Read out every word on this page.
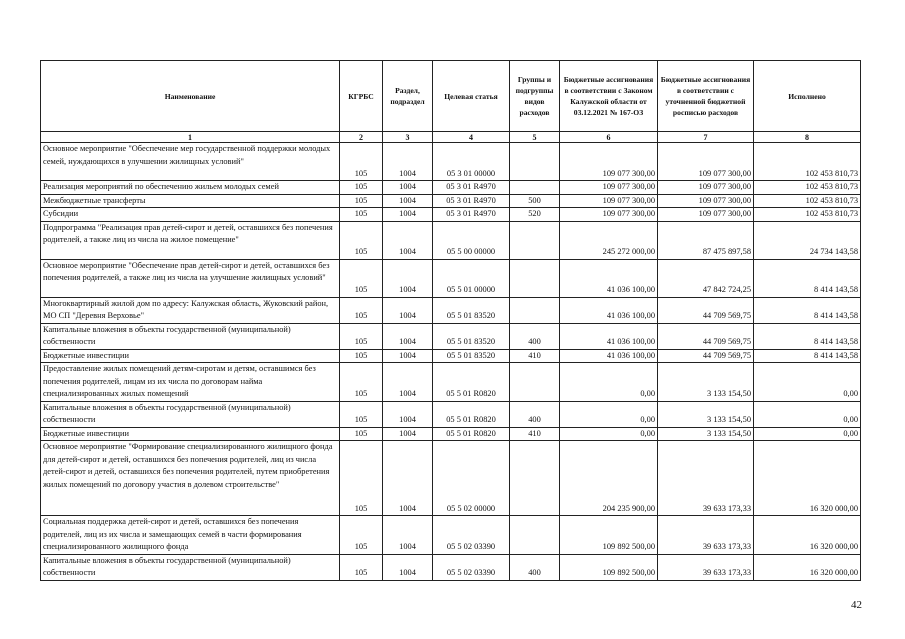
Наименование	КГРБС	Раздел, подраздел	Целевая статья	Группы и подгруппы видов расходов	Бюджетные ассигнования в соответствии с Законом Калужской области от 03.12.2021 № 167-ОЗ	Бюджетные ассигнования в соответствии с уточненной бюджетной росписью расходов	Исполнено
1	2	3	4	5	6	7	8
Основное мероприятие "Обеспечение мер государственной поддержки молодых семей, нуждающихся в улучшении жилищных условий"	105	1004	05 3 01 00000		109 077 300,00	109 077 300,00	102 453 810,73
Реализация мероприятий по обеспечению жильем молодых семей	105	1004	05 3 01 R4970		109 077 300,00	109 077 300,00	102 453 810,73
Межбюджетные трансферты	105	1004	05 3 01 R4970	500	109 077 300,00	109 077 300,00	102 453 810,73
Субсидии	105	1004	05 3 01 R4970	520	109 077 300,00	109 077 300,00	102 453 810,73
Подпрограмма "Реализация прав детей-сирот и детей, оставшихся без попечения родителей, а также лиц из числа на жилое помещение"	105	1004	05 5 00 00000		245 272 000,00	87 475 897,58	24 734 143,58
Основное мероприятие "Обеспечение прав детей-сирот и детей, оставшихся без попечения родителей, а также лиц из числа на улучшение жилищных условий"	105	1004	05 5 01 00000		41 036 100,00	47 842 724,25	8 414 143,58
Многоквартирный жилой дом по адресу: Калужская область, Жуковский район, МО СП "Деревня Верховье"	105	1004	05 5 01 83520		41 036 100,00	44 709 569,75	8 414 143,58
Капитальные вложения в объекты государственной (муниципальной) собственности	105	1004	05 5 01 83520	400	41 036 100,00	44 709 569,75	8 414 143,58
Бюджетные инвестиции	105	1004	05 5 01 83520	410	41 036 100,00	44 709 569,75	8 414 143,58
Предоставление жилых помещений детям-сиротам и детям, оставшимся без попечения родителей, лицам из их числа по договорам найма специализированных жилых помещений	105	1004	05 5 01 R0820		0,00	3 133 154,50	0,00
Капитальные вложения в объекты государственной (муниципальной) собственности	105	1004	05 5 01 R0820	400	0,00	3 133 154,50	0,00
Бюджетные инвестиции	105	1004	05 5 01 R0820	410	0,00	3 133 154,50	0,00
Основное мероприятие "Формирование специализированного жилищного фонда для детей-сирот и детей, оставшихся без попечения родителей, лиц из числа детей-сирот и детей, оставшихся без попечения родителей, путем приобретения жилых помещений по договору участия в долевом строительстве"	105	1004	05 5 02 00000		204 235 900,00	39 633 173,33	16 320 000,00
Социальная поддержка детей-сирот и детей, оставшихся без попечения родителей, лиц из их числа и замещающих семей в части формирования специализированного жилищного фонда	105	1004	05 5 02 03390		109 892 500,00	39 633 173,33	16 320 000,00
Капитальные вложения в объекты государственной (муниципальной) собственности	105	1004	05 5 02 03390	400	109 892 500,00	39 633 173,33	16 320 000,00
42
